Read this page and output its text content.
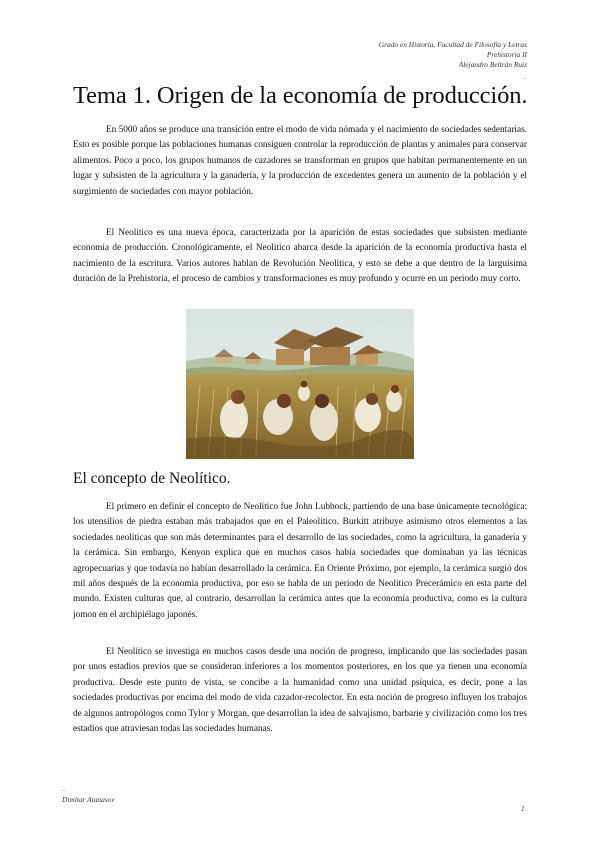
Grado en Historia, Facultad de Filosofía y Letras
Prehistoria II
Alejandro Beltrán Ruiz
_
Tema 1. Origen de la economía de producción.

En 5000 años se produce una transición entre el modo de vida nómada y el nacimiento de sociedades sedentarias. Esto es posible porque las poblaciones humanas consiguen controlar la reproducción de plantas y animales para conservar alimentos. Poco a poco, los grupos humanos de cazadores se transforman en grupos que habitan permanentemente en un lugar y subsisten de la agricultura y la ganadería, y la producción de excedentes genera un aumento de la población y el surgimiento de sociedades con mayor población.

El Neolítico es una nueva época, caracterizada por la aparición de estas sociedades que subsisten mediante economía de producción. Cronológicamente, el Neolítico abarca desde la aparición de la economía productiva hasta el nacimiento de la escritura. Varios autores hablan de Revolución Neolítica, y esto se debe a que dentro de la larguísima duración de la Prehistoria, el proceso de cambios y transformaciones es muy profundo y ocurre en un periodo muy corto.

El concepto de Neolítico.

El primero en definir el concepto de Neolítico fue John Lubbock, partiendo de una base únicamente tecnológica: los utensilios de piedra estaban más trabajados que en el Paleolítico. Burkitt atribuye asimismo otros elementos a las sociedades neolíticas que son más determinantes para el desarrollo de las sociedades, como la agricultura, la ganadería y la cerámica. Sin embargo, Kenyon explica que en muchos casos había sociedades que dominaban ya las técnicas agropecuarias y que todavía no habían desarrollado la cerámica. En Oriente Próximo, por ejemplo, la cerámica surgió dos mil años después de la economía productiva, por eso se habla de un periodo de Neolítico Precerámico en esta parte del mundo. Existen culturas que, al contrario, desarrollan la cerámica antes que la economía productiva, como es la cultura jomon en el archipiélago japonés.

El Neolítico se investiga en muchos casos desde una noción de progreso, implicando que las sociedades pasan por unos estadios previos que se consideran inferiores a los momentos posteriores, en los que ya tienen una economía productiva. Desde este punto de vista, se concibe a la humanidad como una unidad psíquica, es decir, pone a las sociedades productivas por encima del modo de vida cazador-recolector. En esta noción de progreso influyen los trabajos de algunos antropólogos como Tylor y Morgan, que desarrollan la idea de salvajismo, barbarie y civilización como los tres estadios que atraviesan todas las sociedades humanas.

_
Dimitar Atanasov
1
